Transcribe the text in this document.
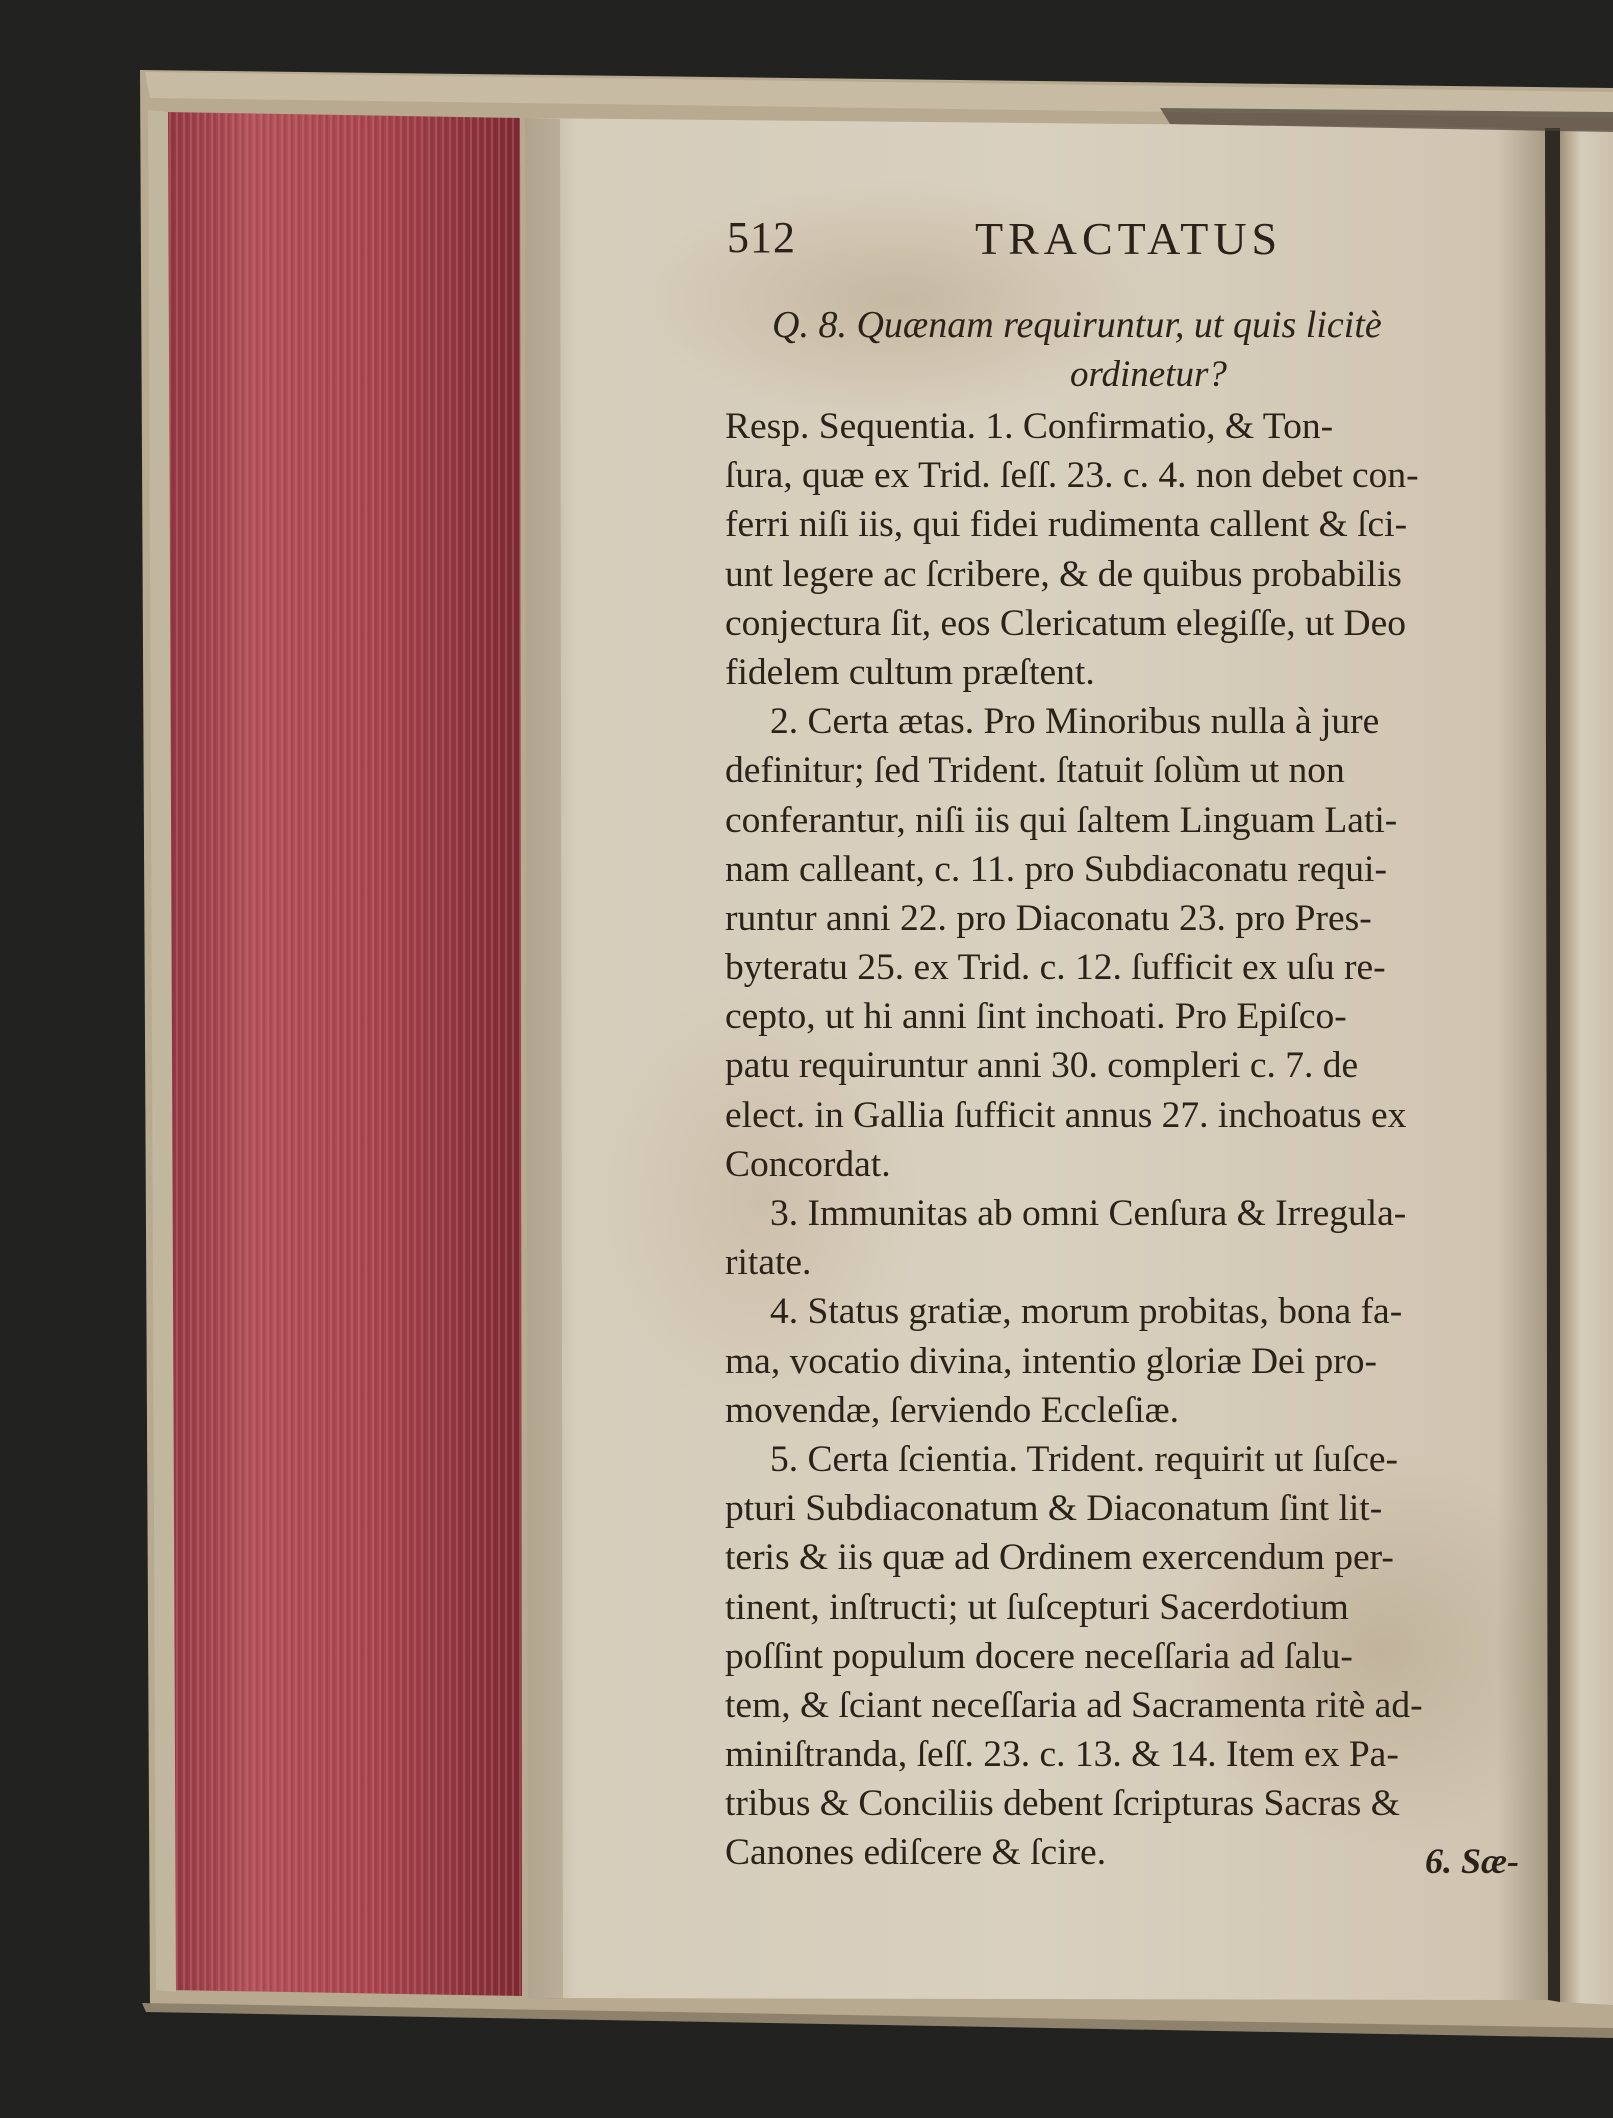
512	TRACTATUS
Q. 8. Quænam requiruntur, ut quis licitè
ordinetur?
Resp. Sequentia. 1. Confirmatio, & Ton-
ſura, quæ ex Trid. ſeſſ. 23. c. 4. non debet con-
ferri niſi iis, qui fidei rudimenta callent & ſci-
unt legere ac ſcribere, & de quibus probabilis
conjectura ſit, eos Clericatum elegiſſe, ut Deo
fidelem cultum præſtent.
2. Certa ætas. Pro Minoribus nulla à jure
definitur; ſed Trident. ſtatuit ſolùm ut non
conferantur, niſi iis qui ſaltem Linguam Lati-
nam calleant, c. 11. pro Subdiaconatu requi-
runtur anni 22. pro Diaconatu 23. pro Pres-
byteratu 25. ex Trid. c. 12. ſufficit ex uſu re-
cepto, ut hi anni ſint inchoati. Pro Epiſco-
patu requiruntur anni 30. compleri c. 7. de
elect. in Gallia ſufficit annus 27. inchoatus ex
Concordat.
3. Immunitas ab omni Cenſura & Irregula-
ritate.
4. Status gratiæ, morum probitas, bona fa-
ma, vocatio divina, intentio gloriæ Dei pro-
movendæ, ſerviendo Eccleſiæ.
5. Certa ſcientia. Trident. requirit ut ſuſce-
pturi Subdiaconatum & Diaconatum ſint lit-
teris & iis quæ ad Ordinem exercendum per-
tinent, inſtructi; ut ſuſcepturi Sacerdotium
poſſint populum docere neceſſaria ad ſalu-
tem, & ſciant neceſſaria ad Sacramenta ritè ad-
miniſtranda, ſeſſ. 23. c. 13. & 14. Item ex Pa-
tribus & Conciliis debent ſcripturas Sacras &
Canones ediſcere & ſcire.	6. Sæ-
